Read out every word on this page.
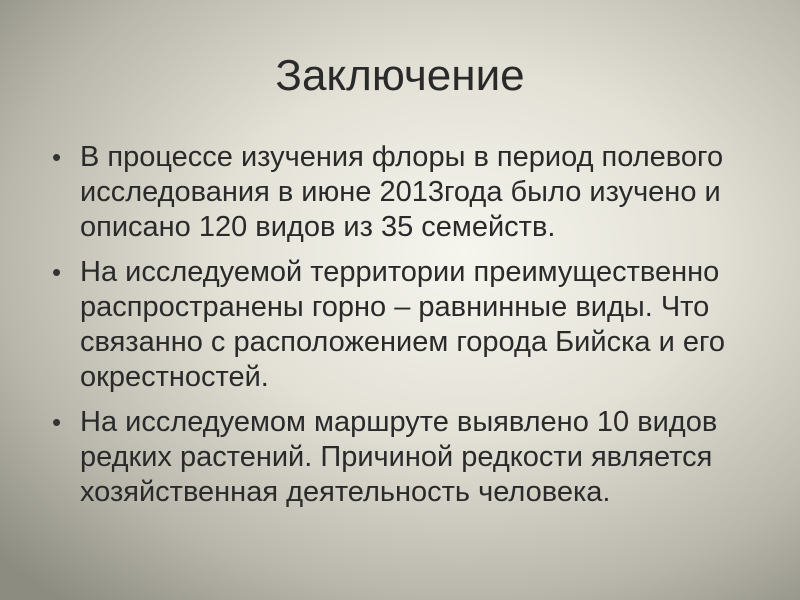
Заключение
• В процессе изучения флоры в период полевого исследования в июне 2013года было изучено и описано 120 видов из 35 семейств.
• На исследуемой территории преимущественно распространены горно – равнинные виды. Что связанно с расположением города Бийска и его окрестностей.
• На исследуемом маршруте выявлено 10 видов редких растений. Причиной редкости является хозяйственная деятельность человека.
